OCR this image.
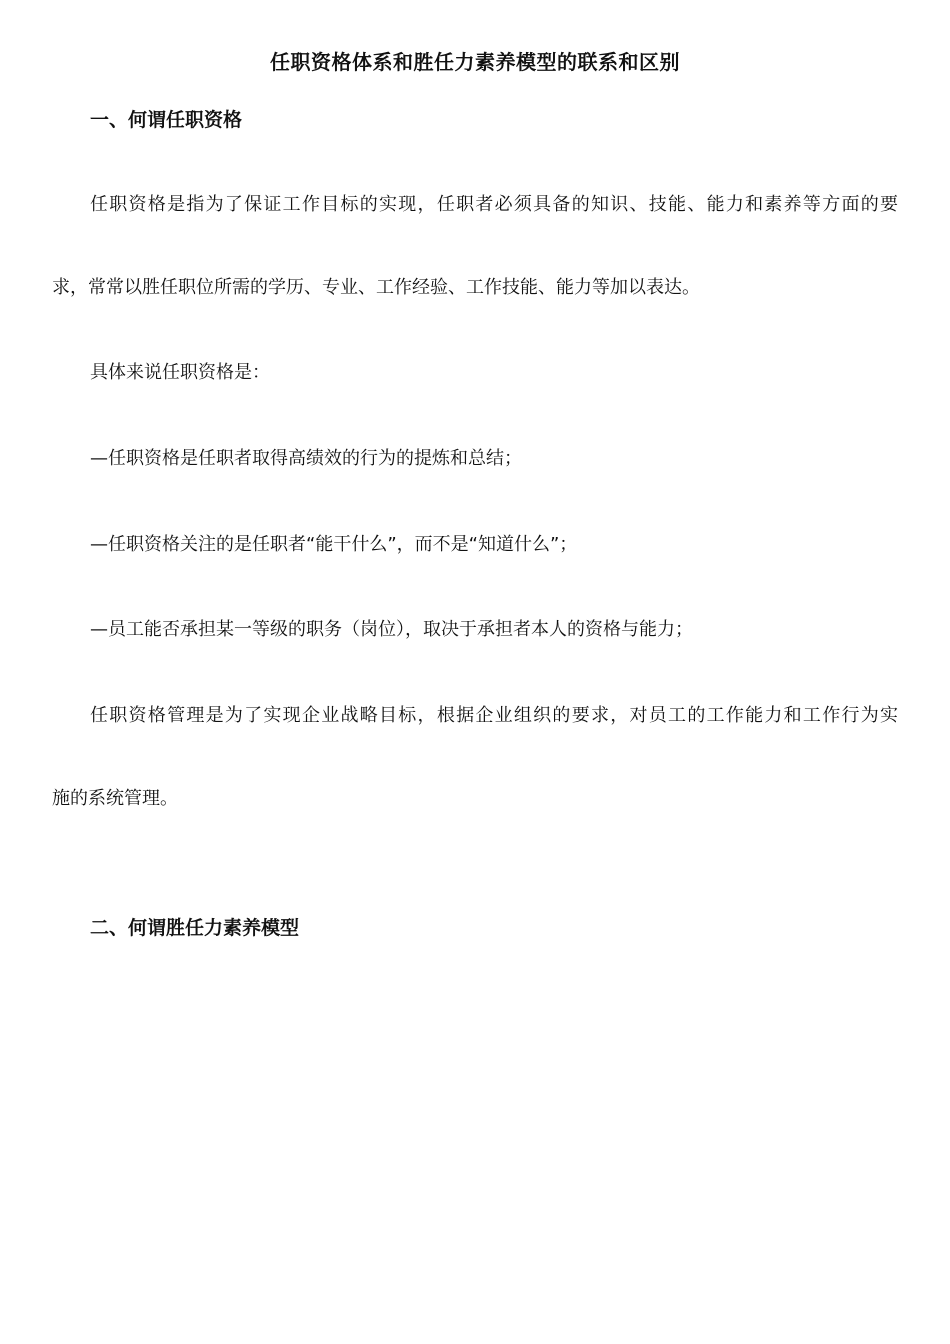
任职资格体系和胜任力素养模型的联系和区别
一、何谓任职资格
任职资格是指为了保证工作目标的实现，任职者必须具备的知识、技能、能力和素养等方面的要
求，常常以胜任职位所需的学历、专业、工作经验、工作技能、能力等加以表达。
具体来说任职资格是：
—任职资格是任职者取得高绩效的行为的提炼和总结；
—任职资格关注的是任职者“能干什么”，而不是“知道什么”；
—员工能否承担某一等级的职务（岗位），取决于承担者本人的资格与能力；
任职资格管理是为了实现企业战略目标，根据企业组织的要求，对员工的工作能力和工作行为实
施的系统管理。
二、何谓胜任力素养模型
